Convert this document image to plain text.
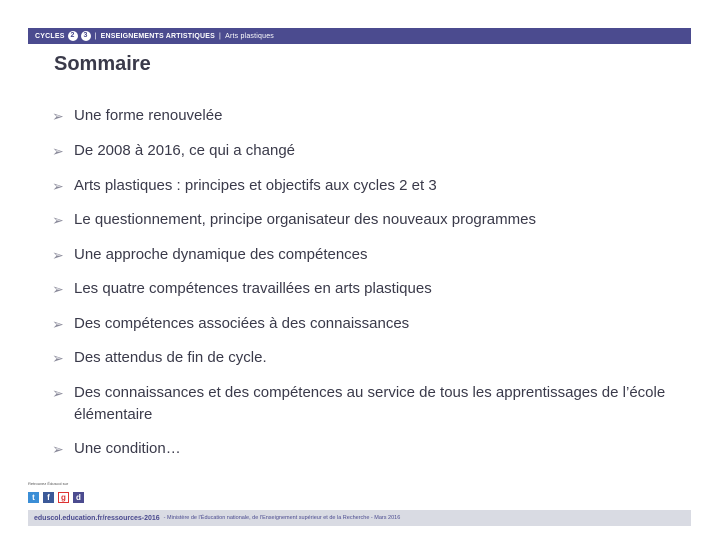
CYCLES 2	3 | ENSEIGNEMENTS ARTISTIQUES | Arts plastiques
Sommaire
➢ Une forme renouvelée
➢ De 2008 à 2016, ce qui a changé
➢ Arts plastiques : principes et objectifs aux cycles 2 et 3
➢ Le questionnement, principe organisateur des nouveaux programmes
➢ Une approche dynamique des compétences
➢ Les quatre compétences travaillées en arts plastiques
➢ Des compétences associées à des connaissances
➢ Des attendus de fin de cycle.
➢ Des connaissances et des compétences au service de tous les apprentissages de l’école élémentaire
➢ Une condition…
Retrouvez Éduscol sur
t	f	g	d
eduscol.education.fr/ressources-2016 - Ministère de l'Éducation nationale, de l'Enseignement supérieur et de la Recherche - Mars 2016
